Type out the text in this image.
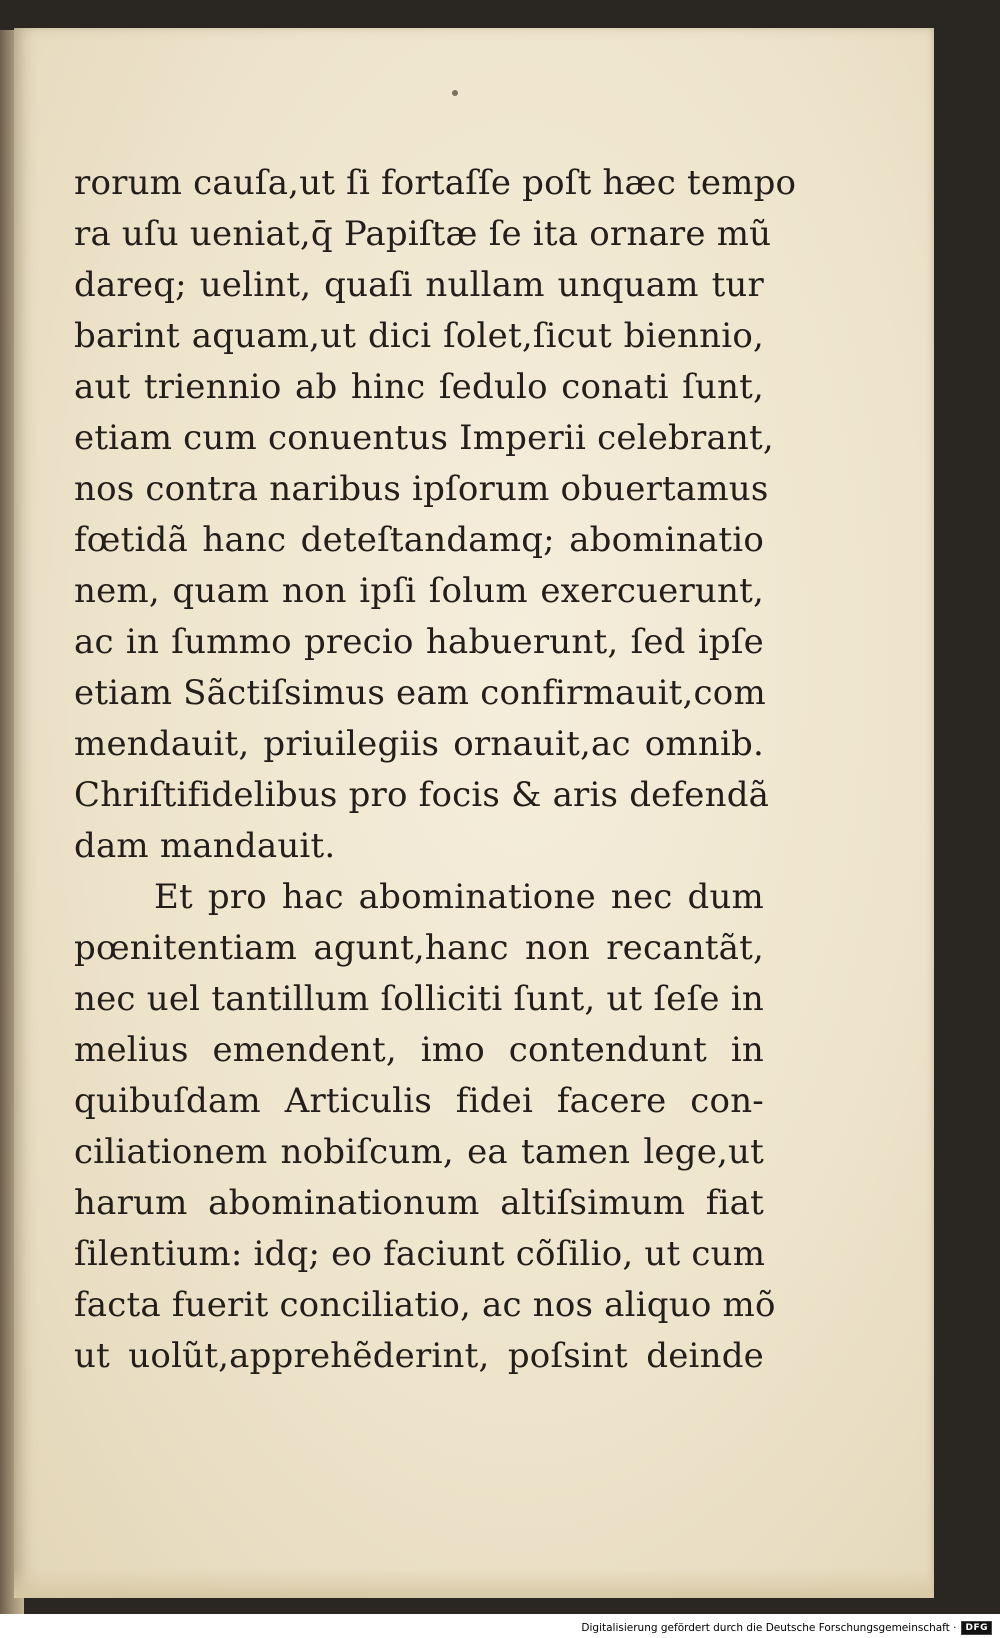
rorum cauſa,ut ſi fortaſſe poſt hæc tempo
ra uſu ueniat,q̄ Papiſtæ ſe ita ornare mũ
dareq; uelint, quaſi nullam unquam tur
barint aquam,ut dici ſolet,ſicut biennio,
aut triennio ab hinc ſedulo conati ſunt,
etiam cum conuentus Imperii celebrant,
nos contra naribus ipſorum obuertamus
fœtidã hanc deteſtandamq; abominatio
nem, quam non ipſi ſolum exercuerunt,
ac in ſummo precio habuerunt, ſed ipſe
etiam Sãctiſsimus eam confirmauit,com
mendauit, priuilegiis ornauit,ac omnib.
Chriſtifidelibus pro focis & aris defendã
dam mandauit.
Et pro hac abominatione nec dum
pœnitentiam agunt,hanc non recantãt,
nec uel tantillum ſolliciti ſunt, ut ſeſe in
melius emendent, imo contendunt in
quibuſdam Articulis fidei facere con-
ciliationem nobiſcum, ea tamen lege,ut
harum abominationum altiſsimum fiat
ſilentium: idq; eo faciunt cõſilio, ut cum
facta fuerit conciliatio, ac nos aliquo mõ
ut uolũt,apprehẽderint, poſsint deinde
Digitalisierung gefördert durch die Deutsche Forschungsgemeinschaft ·	DFG
